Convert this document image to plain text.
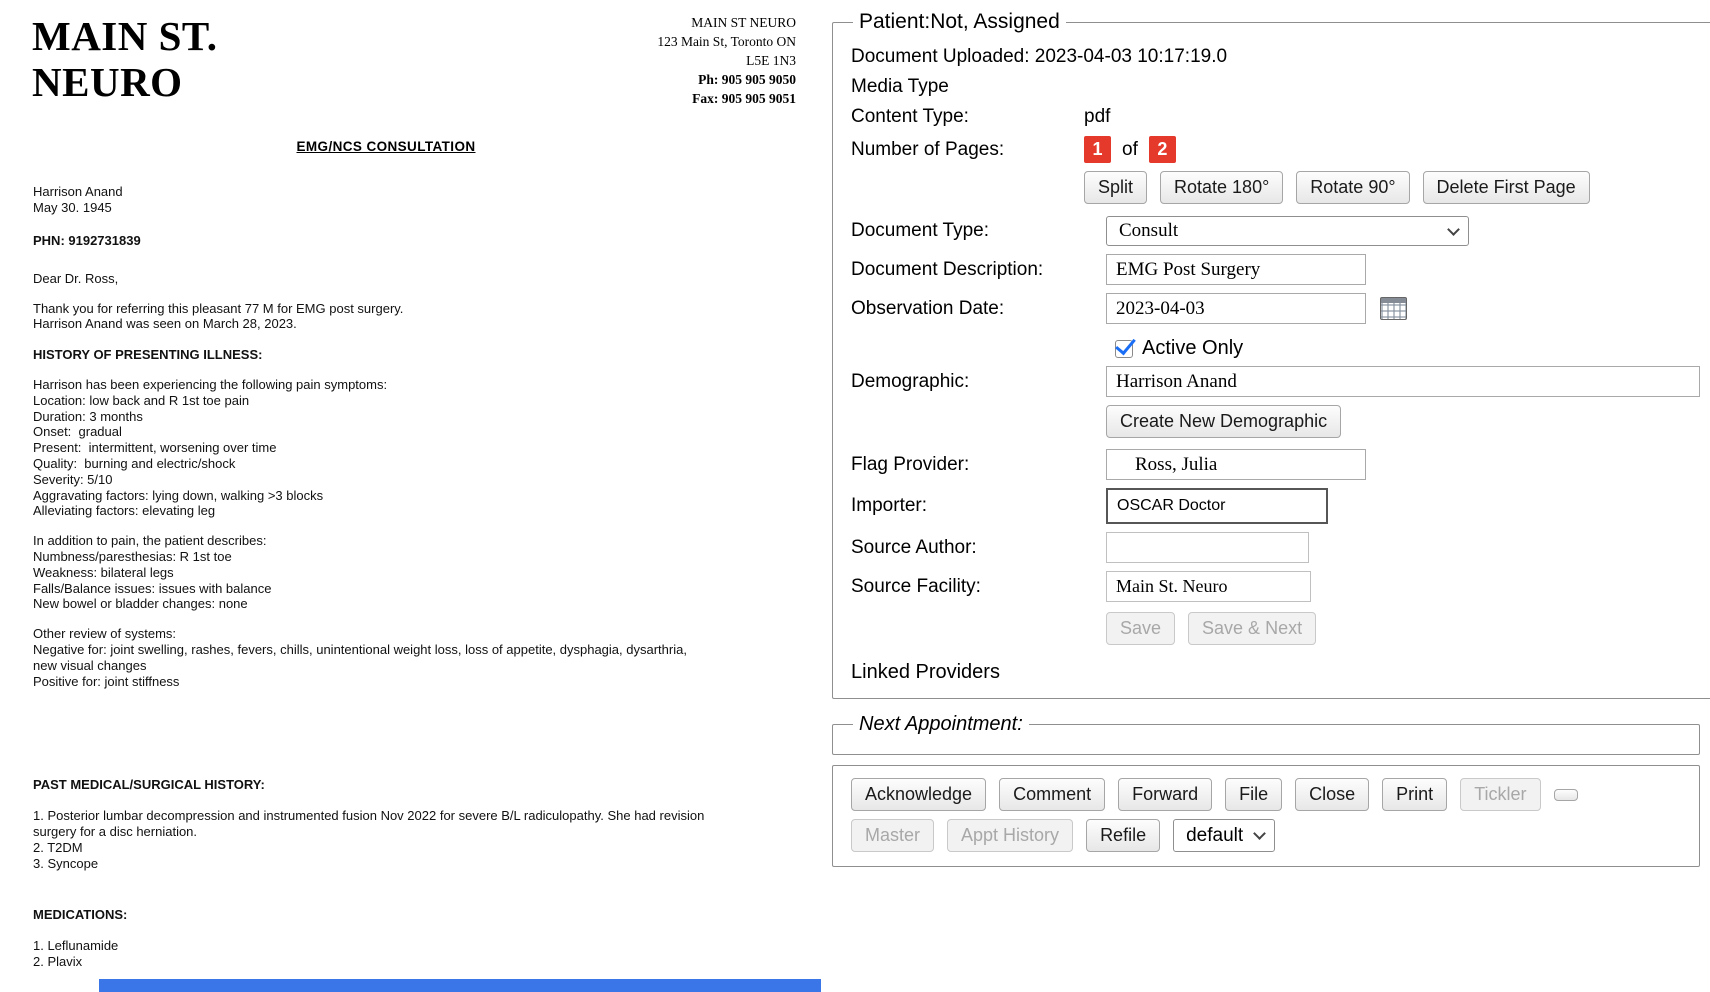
MAIN ST.
NEURO
MAIN ST NEURO
123 Main St, Toronto ON
L5E 1N3
Ph: 905 905 9050
Fax: 905 905 9051
EMG/NCS CONSULTATION
Harrison Anand
May 30. 1945
PHN: 9192731839
Dear Dr. Ross,
Thank you for referring this pleasant 77 M for EMG post surgery.
Harrison Anand was seen on March 28, 2023.
HISTORY OF PRESENTING ILLNESS:
Harrison has been experiencing the following pain symptoms:
Location: low back and R 1st toe pain
Duration: 3 months
Onset:  gradual
Present:  intermittent, worsening over time
Quality:  burning and electric/shock
Severity: 5/10
Aggravating factors: lying down, walking >3 blocks
Alleviating factors: elevating leg
In addition to pain, the patient describes:
Numbness/paresthesias: R 1st toe
Weakness: bilateral legs
Falls/Balance issues: issues with balance
New bowel or bladder changes: none
Other review of systems:
Negative for: joint swelling, rashes, fevers, chills, unintentional weight loss, loss of appetite, dysphagia, dysarthria, new visual changes
Positive for: joint stiffness
PAST MEDICAL/SURGICAL HISTORY:
1. Posterior lumbar decompression and instrumented fusion Nov 2022 for severe B/L radiculopathy. She had revision surgery for a disc herniation.
2. T2DM
3. Syncope
MEDICATIONS:
1. Leflunamide
2. Plavix
Patient:Not, Assigned
Document Uploaded: 2023-04-03 10:17:19.0
Media Type
Content Type:	pdf
Number of Pages:	1	of	2
Split	Rotate 180°	Rotate 90°	Delete First Page
Document Type:	Consult
Document Description:
EMG Post Surgery
Observation Date:
2023-04-03
Active Only
Demographic:
Harrison Anand
Create New Demographic
Flag Provider:
Ross, Julia
Importer:
OSCAR Doctor
Source Author:
Source Facility:
Main St. Neuro
Save	Save & Next
Linked Providers
Next Appointment:
Acknowledge	Comment	Forward	File	Close	Print	Tickler
Master	Appt History	Refile	default
